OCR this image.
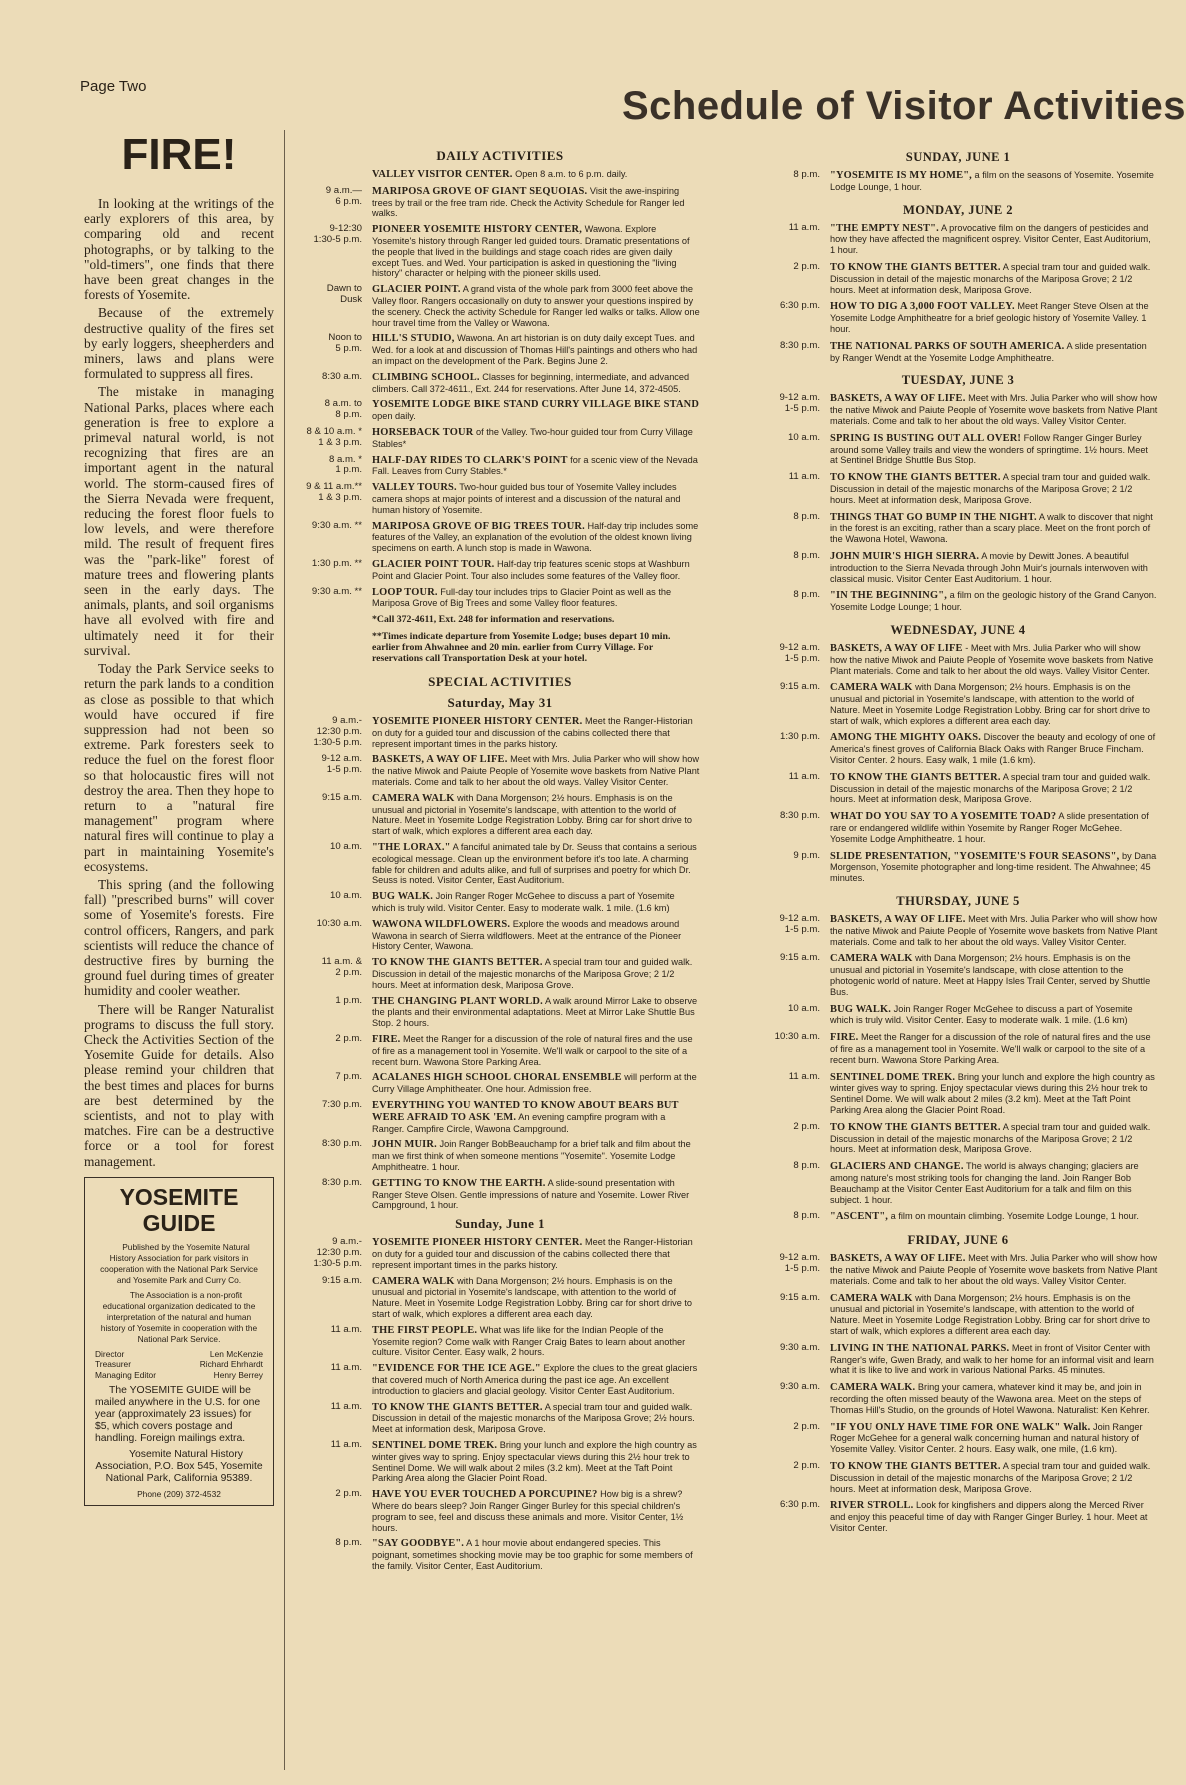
Page Two	Schedule of Visitor Activities
FIRE!

In looking at the writings of the early explorers of this area, by comparing old and recent photographs, or by talking to the "old-timers", one finds that there have been great changes in the forests of Yosemite.

Because of the extremely destructive quality of the fires set by early loggers, sheepherders and miners, laws and plans were formulated to suppress all fires.

The mistake in managing National Parks, places where each generation is free to explore a primeval natural world, is not recognizing that fires are an important agent in the natural world. The storm-caused fires of the Sierra Nevada were frequent, reducing the forest floor fuels to low levels, and were therefore mild. The result of frequent fires was the "park-like" forest of mature trees and flowering plants seen in the early days. The animals, plants, and soil organisms have all evolved with fire and ultimately need it for their survival.

Today the Park Service seeks to return the park lands to a condition as close as possible to that which would have occured if fire suppression had not been so extreme. Park foresters seek to reduce the fuel on the forest floor so that holocaustic fires will not destroy the area. Then they hope to return to a "natural fire management" program where natural fires will continue to play a part in maintaining Yosemite's ecosystems.

This spring (and the following fall) "prescribed burns" will cover some of Yosemite's forests. Fire control officers, Rangers, and park scientists will reduce the chance of destructive fires by burning the ground fuel during times of greater humidity and cooler weather.

There will be Ranger Naturalist programs to discuss the full story. Check the Activities Section of the Yosemite Guide for details. Also please remind your children that the best times and places for burns are best determined by the scientists, and not to play with matches. Fire can be a destructive force or a tool for forest management.

YOSEMITE
GUIDE

Published by the Yosemite Natural History Association for park visitors in cooperation with the National Park Service and Yosemite Park and Curry Co.

The Association is a non-profit educational organization dedicated to the interpretation of the natural and human history of Yosemite in cooperation with the National Park Service.

Director	Len McKenzie
Treasurer	Richard Ehrhardt
Managing Editor	Henry Berrey

The YOSEMITE GUIDE will be mailed anywhere in the U.S. for one year (approximately 23 issues) for $5, which covers postage and handling. Foreign mailings extra.

Yosemite Natural History Association, P.O. Box 545, Yosemite National Park, California 95389.

Phone (209) 372-4532
DAILY ACTIVITIES
VALLEY VISITOR CENTER. Open 8 a.m. to 6 p.m. daily.
9 a.m.—
6 p.m.
MARIPOSA GROVE OF GIANT SEQUOIAS. Visit the awe-inspiring trees by trail or the free tram ride. Check the Activity Schedule for Ranger led walks.
9-12:30
1:30-5 p.m.
PIONEER YOSEMITE HISTORY CENTER, Wawona. Explore Yosemite's history through Ranger led guided tours. Dramatic presentations of the people that lived in the buildings and stage coach rides are given daily except Tues. and Wed. Your participation is asked in questioning the "living history" character or helping with the pioneer skills used.
Dawn to
Dusk
GLACIER POINT. A grand vista of the whole park from 3000 feet above the Valley floor. Rangers occasionally on duty to answer your questions inspired by the scenery. Check the activity Schedule for Ranger led walks or talks. Allow one hour travel time from the Valley or Wawona.
Noon to
5 p.m.
HILL'S STUDIO, Wawona. An art historian is on duty daily except Tues. and Wed. for a look at and discussion of Thomas Hill's paintings and others who had an impact on the development of the Park. Begins June 2.
8:30 a.m. CLIMBING SCHOOL. Classes for beginning, intermediate, and advanced climbers. Call 372-4611., Ext. 244 for reservations. After June 14, 372-4505.
8 a.m. to
8 p.m.
YOSEMITE LODGE BIKE STAND CURRY VILLAGE BIKE STAND open daily.
8 & 10 a.m. *
1 & 3 p.m.
HORSEBACK TOUR of the Valley. Two-hour guided tour from Curry Village Stables*
8 a.m. *
1 p.m.
HALF-DAY RIDES TO CLARK'S POINT for a scenic view of the Nevada Fall. Leaves from Curry Stables.*
9 & 11 a.m.**
1 & 3 p.m.
VALLEY TOURS. Two-hour guided bus tour of Yosemite Valley includes camera shops at major points of interest and a discussion of the natural and human history of Yosemite.
9:30 a.m. ** MARIPOSA GROVE OF BIG TREES TOUR. Half-day trip includes some features of the Valley, an explanation of the evolution of the oldest known living specimens on earth. A lunch stop is made in Wawona.
1:30 p.m. ** GLACIER POINT TOUR. Half-day trip features scenic stops at Washburn Point and Glacier Point. Tour also includes some features of the Valley floor.
9:30 a.m. ** LOOP TOUR. Full-day tour includes trips to Glacier Point as well as the Mariposa Grove of Big Trees and some Valley floor features.
*Call 372-4611, Ext. 248 for information and reservations.
**Times indicate departure from Yosemite Lodge; buses depart 10 min. earlier from Ahwahnee and 20 min. earlier from Curry Village. For reservations call Transportation Desk at your hotel.
SPECIAL ACTIVITIES
Saturday, May 31
9 a.m.-
12:30 p.m.
1:30-5 p.m.
YOSEMITE PIONEER HISTORY CENTER. Meet the Ranger-Historian on duty for a guided tour and discussion of the cabins collected there that represent important times in the parks history.
9-12 a.m.
1-5 p.m.
BASKETS, A WAY OF LIFE. Meet with Mrs. Julia Parker who will show how the native Miwok and Paiute People of Yosemite wove baskets from Native Plant materials. Come and talk to her about the old ways. Valley Visitor Center.
9:15 a.m. CAMERA WALK with Dana Morgenson; 2½ hours. Emphasis is on the unusual and pictorial in Yosemite's landscape, with attention to the world of Nature. Meet in Yosemite Lodge Registration Lobby. Bring car for short drive to start of walk, which explores a different area each day.
10 a.m. "THE LORAX." A fanciful animated tale by Dr. Seuss that contains a serious ecological message. Clean up the environment before it's too late. A charming fable for children and adults alike, and full of surprises and poetry for which Dr. Seuss is noted. Visitor Center, East Auditorium.
10 a.m. BUG WALK. Join Ranger Roger McGehee to discuss a part of Yosemite which is truly wild. Visitor Center. Easy to moderate walk. 1 mile. (1.6 km)
10:30 a.m. WAWONA WILDFLOWERS. Explore the woods and meadows around Wawona in search of Sierra wildflowers. Meet at the entrance of the Pioneer History Center, Wawona.
11 a.m. &
2 p.m.
TO KNOW THE GIANTS BETTER. A special tram tour and guided walk. Discussion in detail of the majestic monarchs of the Mariposa Grove; 2 1/2 hours. Meet at information desk, Mariposa Grove.
1 p.m. THE CHANGING PLANT WORLD. A walk around Mirror Lake to observe the plants and their environmental adaptations. Meet at Mirror Lake Shuttle Bus Stop. 2 hours.
2 p.m. FIRE. Meet the Ranger for a discussion of the role of natural fires and the use of fire as a management tool in Yosemite. We'll walk or carpool to the site of a recent burn. Wawona Store Parking Area.
7 p.m. ACALANES HIGH SCHOOL CHORAL ENSEMBLE will perform at the Curry Village Amphitheater. One hour. Admission free.
7:30 p.m. EVERYTHING YOU WANTED TO KNOW ABOUT BEARS BUT WERE AFRAID TO ASK 'EM. An evening campfire program with a Ranger. Campfire Circle, Wawona Campground.
8:30 p.m. JOHN MUIR. Join Ranger BobBeauchamp for a brief talk and film about the man we first think of when someone mentions "Yosemite". Yosemite Lodge Amphitheatre. 1 hour.
8:30 p.m. GETTING TO KNOW THE EARTH. A slide-sound presentation with Ranger Steve Olsen. Gentle impressions of nature and Yosemite. Lower River Campground, 1 hour.
Sunday, June 1
9 a.m.-
12:30 p.m.
1:30-5 p.m.
YOSEMITE PIONEER HISTORY CENTER. Meet the Ranger-Historian on duty for a guided tour and discussion of the cabins collected there that represent important times in the parks history.
9:15 a.m. CAMERA WALK with Dana Morgenson; 2½ hours. Emphasis is on the unusual and pictorial in Yosemite's landscape, with attention to the world of Nature. Meet in Yosemite Lodge Registration Lobby. Bring car for short drive to start of walk, which explores a different area each day.
11 a.m. THE FIRST PEOPLE. What was life like for the Indian People of the Yosemite region? Come walk with Ranger Craig Bates to learn about another culture. Visitor Center. Easy walk, 2 hours.
11 a.m. "EVIDENCE FOR THE ICE AGE." Explore the clues to the great glaciers that covered much of North America during the past ice age. An excellent introduction to glaciers and glacial geology. Visitor Center East Auditorium.
11 a.m. TO KNOW THE GIANTS BETTER. A special tram tour and guided walk. Discussion in detail of the majestic monarchs of the Mariposa Grove; 2½ hours. Meet at information desk, Mariposa Grove.
11 a.m. SENTINEL DOME TREK. Bring your lunch and explore the high country as winter gives way to spring. Enjoy spectacular views during this 2½ hour trek to Sentinel Dome. We will walk about 2 miles (3.2 km). Meet at the Taft Point Parking Area along the Glacier Point Road.
2 p.m. HAVE YOU EVER TOUCHED A PORCUPINE? How big is a shrew? Where do bears sleep? Join Ranger Ginger Burley for this special children's program to see, feel and discuss these animals and more. Visitor Center, 1½ hours.
8 p.m. "SAY GOODBYE". A 1 hour movie about endangered species. This poignant, sometimes shocking movie may be too graphic for some members of the family. Visitor Center, East Auditorium.
SUNDAY, JUNE 1
8 p.m. "YOSEMITE IS MY HOME", a film on the seasons of Yosemite. Yosemite Lodge Lounge, 1 hour.
MONDAY, JUNE 2
11 a.m. "THE EMPTY NEST". A provocative film on the dangers of pesticides and how they have affected the magnificent osprey. Visitor Center, East Auditorium, 1 hour.
2 p.m. TO KNOW THE GIANTS BETTER. A special tram tour and guided walk. Discussion in detail of the majestic monarchs of the Mariposa Grove; 2 1/2 hours. Meet at information desk, Mariposa Grove.
6:30 p.m. HOW TO DIG A 3,000 FOOT VALLEY. Meet Ranger Steve Olsen at the Yosemite Lodge Amphitheatre for a brief geologic history of Yosemite Valley. 1 hour.
8:30 p.m. THE NATIONAL PARKS OF SOUTH AMERICA. A slide presentation by Ranger Wendt at the Yosemite Lodge Amphitheatre.
TUESDAY, JUNE 3
9-12 a.m.
1-5 p.m.
BASKETS, A WAY OF LIFE. Meet with Mrs. Julia Parker who will show how the native Miwok and Paiute People of Yosemite wove baskets from Native Plant materials. Come and talk to her about the old ways. Valley Visitor Center.
10 a.m. SPRING IS BUSTING OUT ALL OVER! Follow Ranger Ginger Burley around some Valley trails and view the wonders of springtime. 1½ hours. Meet at Sentinel Bridge Shuttle Bus Stop.
11 a.m. TO KNOW THE GIANTS BETTER. A special tram tour and guided walk. Discussion in detail of the majestic monarchs of the Mariposa Grove; 2 1/2 hours. Meet at information desk, Mariposa Grove.
8 p.m. THINGS THAT GO BUMP IN THE NIGHT. A walk to discover that night in the forest is an exciting, rather than a scary place. Meet on the front porch of the Wawona Hotel, Wawona.
8 p.m. JOHN MUIR'S HIGH SIERRA. A movie by Dewitt Jones. A beautiful introduction to the Sierra Nevada through John Muir's journals interwoven with classical music. Visitor Center East Auditorium. 1 hour.
8 p.m. "IN THE BEGINNING", a film on the geologic history of the Grand Canyon. Yosemite Lodge Lounge; 1 hour.
WEDNESDAY, JUNE 4
9-12 a.m.
1-5 p.m.
BASKETS, A WAY OF LIFE - Meet with Mrs. Julia Parker who will show how the native Miwok and Paiute People of Yosemite wove baskets from Native Plant materials. Come and talk to her about the old ways. Valley Visitor Center.
9:15 a.m. CAMERA WALK with Dana Morgenson; 2½ hours. Emphasis is on the unusual and pictorial in Yosemite's landscape, with attention to the world of Nature. Meet in Yosemite Lodge Registration Lobby. Bring car for short drive to start of walk, which explores a different area each day.
1:30 p.m. AMONG THE MIGHTY OAKS. Discover the beauty and ecology of one of America's finest groves of California Black Oaks with Ranger Bruce Fincham. Visitor Center. 2 hours. Easy walk, 1 mile (1.6 km).
11 a.m. TO KNOW THE GIANTS BETTER. A special tram tour and guided walk. Discussion in detail of the majestic monarchs of the Mariposa Grove; 2 1/2 hours. Meet at information desk, Mariposa Grove.
8:30 p.m. WHAT DO YOU SAY TO A YOSEMITE TOAD? A slide presentation of rare or endangered wildlife within Yosemite by Ranger Roger McGehee. Yosemite Lodge Amphitheatre. 1 hour.
9 p.m. SLIDE PRESENTATION, "YOSEMITE'S FOUR SEASONS", by Dana Morgenson, Yosemite photographer and long-time resident. The Ahwahnee; 45 minutes.
THURSDAY, JUNE 5
9-12 a.m.
1-5 p.m.
BASKETS, A WAY OF LIFE. Meet with Mrs. Julia Parker who will show how the native Miwok and Paiute People of Yosemite wove baskets from Native Plant materials. Come and talk to her about the old ways. Valley Visitor Center.
9:15 a.m. CAMERA WALK with Dana Morgenson; 2½ hours. Emphasis is on the unusual and pictorial in Yosemite's landscape, with close attention to the photogenic world of nature. Meet at Happy Isles Trail Center, served by Shuttle Bus.
10 a.m. BUG WALK. Join Ranger Roger McGehee to discuss a part of Yosemite which is truly wild. Visitor Center. Easy to moderate walk. 1 mile. (1.6 km)
10:30 a.m. FIRE. Meet the Ranger for a discussion of the role of natural fires and the use of fire as a management tool in Yosemite. We'll walk or carpool to the site of a recent burn. Wawona Store Parking Area.
11 a.m. SENTINEL DOME TREK. Bring your lunch and explore the high country as winter gives way to spring. Enjoy spectacular views during this 2½ hour trek to Sentinel Dome. We will walk about 2 miles (3.2 km). Meet at the Taft Point Parking Area along the Glacier Point Road.
2 p.m. TO KNOW THE GIANTS BETTER. A special tram tour and guided walk. Discussion in detail of the majestic monarchs of the Mariposa Grove; 2 1/2 hours. Meet at information desk, Mariposa Grove.
8 p.m. GLACIERS AND CHANGE. The world is always changing; glaciers are among nature's most striking tools for changing the land. Join Ranger Bob Beauchamp at the Visitor Center East Auditorium for a talk and film on this subject. 1 hour.
8 p.m. "ASCENT", a film on mountain climbing. Yosemite Lodge Lounge, 1 hour.
FRIDAY, JUNE 6
9-12 a.m.
1-5 p.m.
BASKETS, A WAY OF LIFE. Meet with Mrs. Julia Parker who will show how the native Miwok and Paiute People of Yosemite wove baskets from Native Plant materials. Come and talk to her about the old ways. Valley Visitor Center.
9:15 a.m. CAMERA WALK with Dana Morgenson; 2½ hours. Emphasis is on the unusual and pictorial in Yosemite's landscape, with attention to the world of Nature. Meet in Yosemite Lodge Registration Lobby. Bring car for short drive to start of walk, which explores a different area each day.
9:30 a.m. LIVING IN THE NATIONAL PARKS. Meet in front of Visitor Center with Ranger's wife, Gwen Brady, and walk to her home for an informal visit and learn what it is like to live and work in various National Parks. 45 minutes.
9:30 a.m. CAMERA WALK. Bring your camera, whatever kind it may be, and join in recording the often missed beauty of the Wawona area. Meet on the steps of Thomas Hill's Studio, on the grounds of Hotel Wawona. Naturalist: Ken Kehrer.
2 p.m. "IF YOU ONLY HAVE TIME FOR ONE WALK" Walk. Join Ranger Roger McGehee for a general walk concerning human and natural history of Yosemite Valley. Visitor Center. 2 hours. Easy walk, one mile, (1.6 km).
2 p.m. TO KNOW THE GIANTS BETTER. A special tram tour and guided walk. Discussion in detail of the majestic monarchs of the Mariposa Grove; 2 1/2 hours. Meet at information desk, Mariposa Grove.
6:30 p.m. RIVER STROLL. Look for kingfishers and dippers along the Merced River and enjoy this peaceful time of day with Ranger Ginger Burley. 1 hour. Meet at Visitor Center.
